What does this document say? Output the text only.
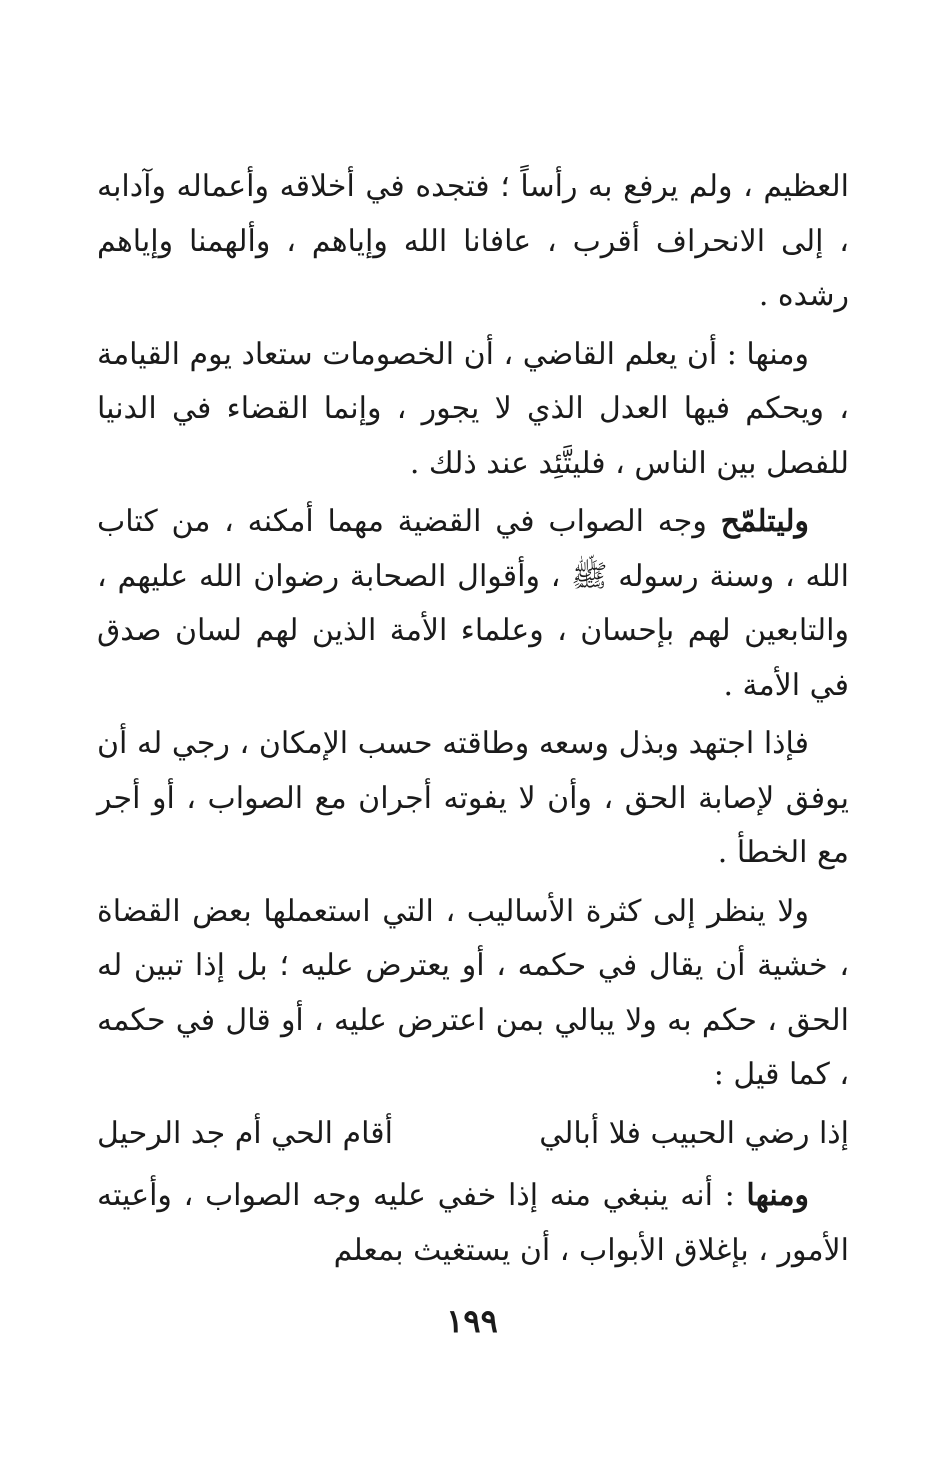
العظيم ، ولم يرفع به رأساً ؛ فتجده في أخلاقه وأعماله وآدابه ، إلى الانحراف أقرب ، عافانا الله وإياهم ، وألهمنا وإياهم رشده .

ومنها : أن يعلم القاضي ، أن الخصومات ستعاد يوم القيامة ، ويحكم فيها العدل الذي لا يجور ، وإنما القضاء في الدنيا للفصل بين الناس ، فليتَّئِد عند ذلك .

وليتلمّح وجه الصواب في القضية مهما أمكنه ، من كتاب الله ، وسنة رسوله ﷺ ، وأقوال الصحابة رضوان الله عليهم ، والتابعين لهم بإحسان ، وعلماء الأمة الذين لهم لسان صدق في الأمة .

فإذا اجتهد وبذل وسعه وطاقته حسب الإمكان ، رجي له أن يوفق لإصابة الحق ، وأن لا يفوته أجران مع الصواب ، أو أجر مع الخطأ .

ولا ينظر إلى كثرة الأساليب ، التي استعملها بعض القضاة ، خشية أن يقال في حكمه ، أو يعترض عليه ؛ بل إذا تبين له الحق ، حكم به ولا يبالي بمن اعترض عليه ، أو قال في حكمه ، كما قيل :

إذا رضي الحبيب فلا أبالي
أقام الحي أم جد الرحيل

ومنها : أنه ينبغي منه إذا خفي عليه وجه الصواب ، وأعيته الأمور ، بإغلاق الأبواب ، أن يستغيث بمعلم

١٩٩
